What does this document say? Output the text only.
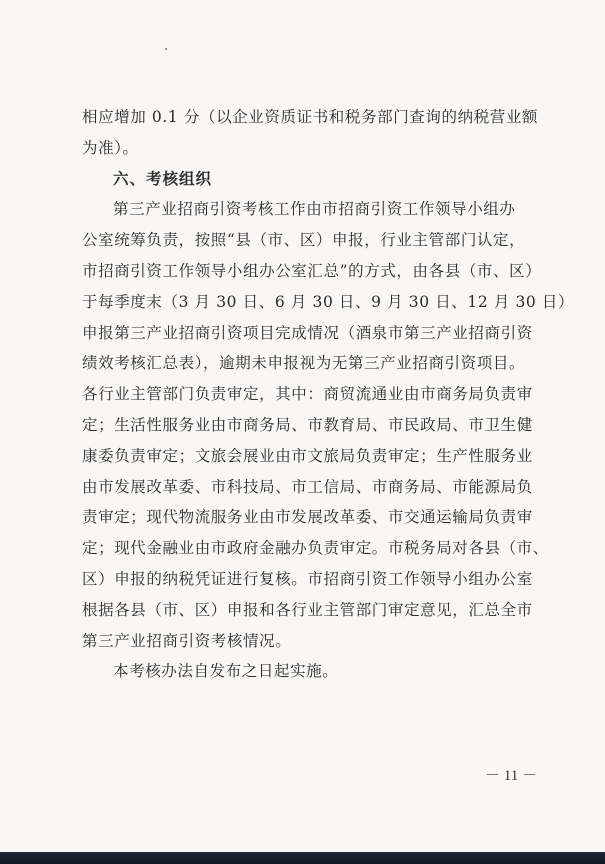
相应增加 0.1 分（以企业资质证书和税务部门查询的纳税营业额
为准）。
六、考核组织
第三产业招商引资考核工作由市招商引资工作领导小组办
公室统筹负责，按照“县（市、区）申报，行业主管部门认定，
市招商引资工作领导小组办公室汇总”的方式，由各县（市、区）
于每季度末（3 月 30 日、6 月 30 日、9 月 30 日、12 月 30 日）
申报第三产业招商引资项目完成情况（酒泉市第三产业招商引资
绩效考核汇总表），逾期未申报视为无第三产业招商引资项目。
各行业主管部门负责审定，其中：商贸流通业由市商务局负责审
定；生活性服务业由市商务局、市教育局、市民政局、市卫生健
康委负责审定；文旅会展业由市文旅局负责审定；生产性服务业
由市发展改革委、市科技局、市工信局、市商务局、市能源局负
责审定；现代物流服务业由市发展改革委、市交通运输局负责审
定；现代金融业由市政府金融办负责审定。市税务局对各县（市、
区）申报的纳税凭证进行复核。市招商引资工作领导小组办公室
根据各县（市、区）申报和各行业主管部门审定意见，汇总全市
第三产业招商引资考核情况。
本考核办法自发布之日起实施。
－ 11 －
